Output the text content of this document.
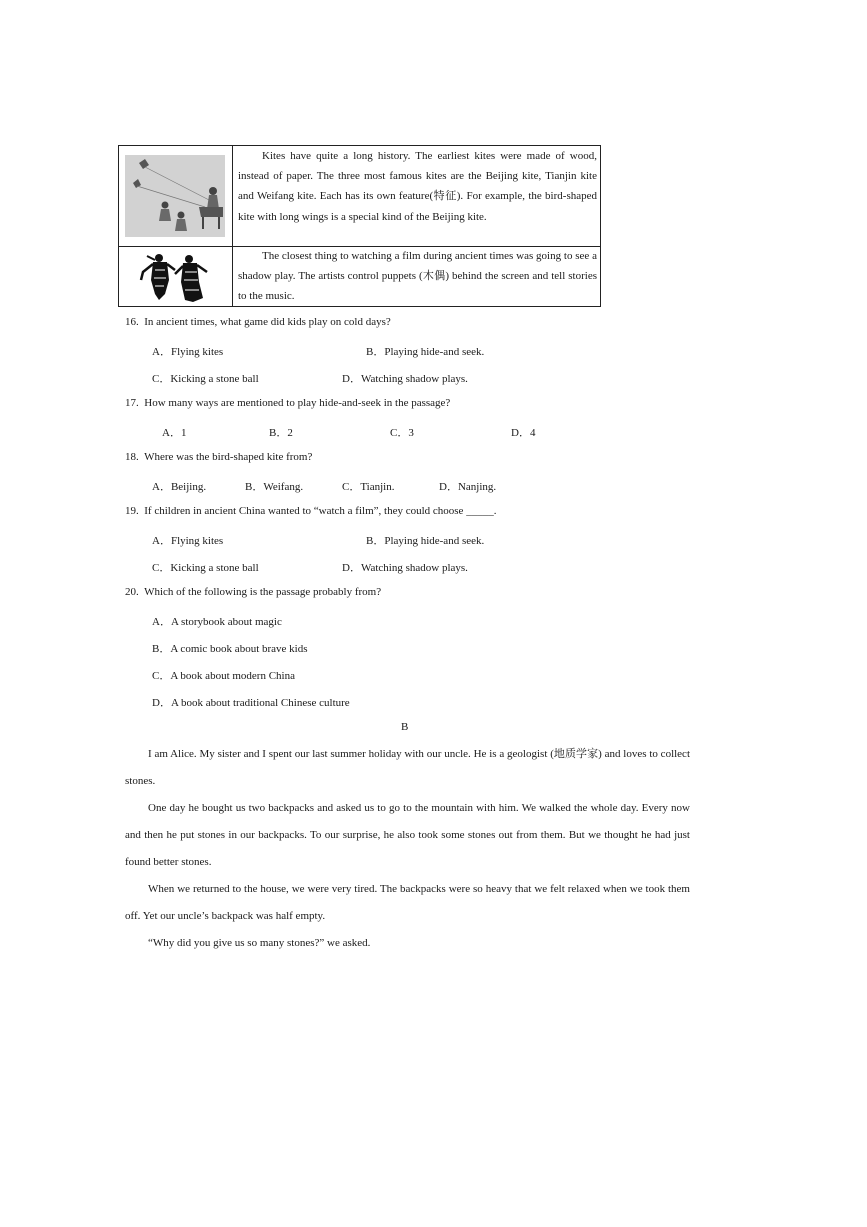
Kites have quite a long history. The earliest kites were made of wood, instead of paper. The three most famous kites are the Beijing kite, Tianjin kite and Weifang kite. Each has its own feature(特征). For example, the bird-shaped kite with long wings is a special kind of the Beijing kite.

The closest thing to watching a film during ancient times was going to see a shadow play. The artists control puppets (木偶) behind the screen and tell stories to the music.

16. In ancient times, what game did kids play on cold days?
A．Flying kites	B．Playing hide-and seek.
C．Kicking a stone ball	D．Watching shadow plays.
17. How many ways are mentioned to play hide-and-seek in the passage?
A．1	B．2	C．3	D．4
18. Where was the bird-shaped kite from?
A．Beijing.	B．Weifang.	C．Tianjin.	D．Nanjing.
19. If children in ancient China wanted to “watch a film”, they could choose _____.
A．Flying kites	B．Playing hide-and seek.
C．Kicking a stone ball	D．Watching shadow plays.
20. Which of the following is the passage probably from?
A．A storybook about magic
B．A comic book about brave kids
C．A book about modern China
D．A book about traditional Chinese culture
B

I am Alice. My sister and I spent our last summer holiday with our uncle. He is a geologist (地质学家) and loves to collect stones.

One day he bought us two backpacks and asked us to go to the mountain with him. We walked the whole day. Every now and then he put stones in our backpacks. To our surprise, he also took some stones out from them. But we thought he had just found better stones.

When we returned to the house, we were very tired. The backpacks were so heavy that we felt relaxed when we took them off. Yet our uncle’s backpack was half empty.

“Why did you give us so many stones?” we asked.
